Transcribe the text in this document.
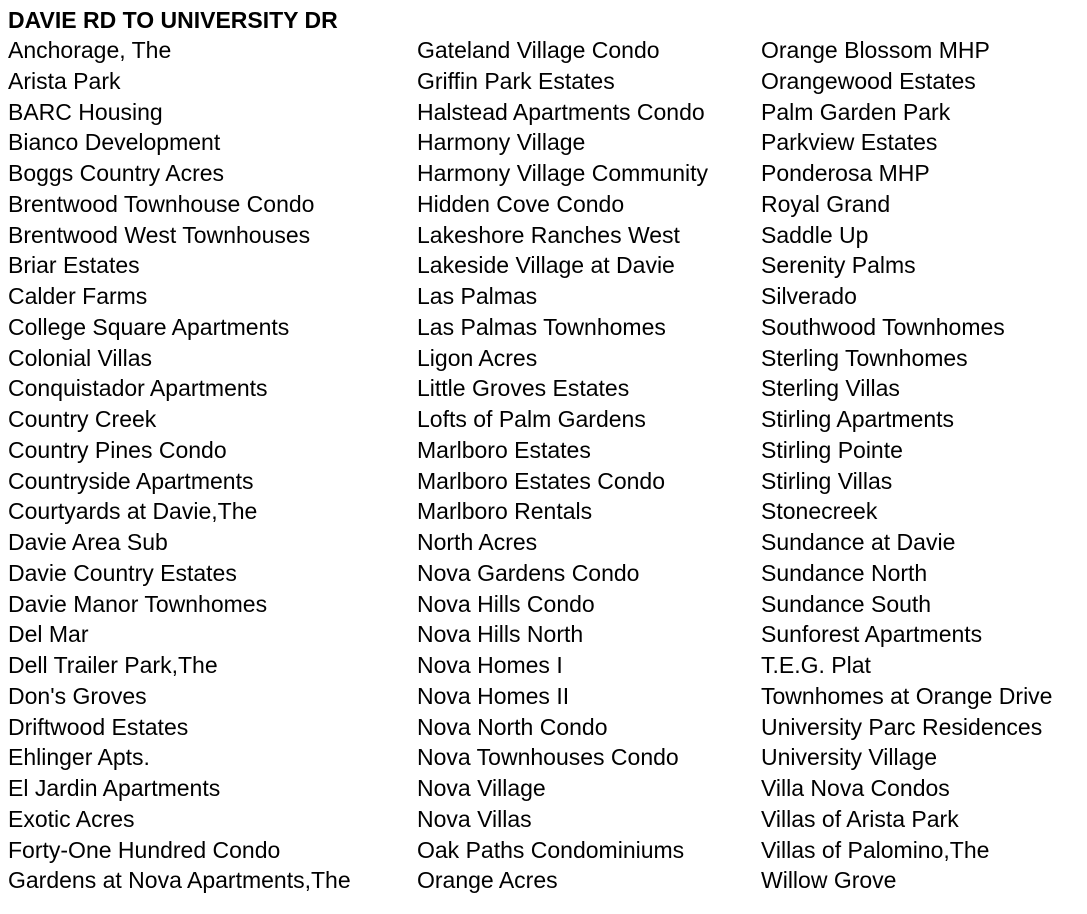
DAVIE RD TO UNIVERSITY DR
Anchorage, The
Arista Park
BARC Housing
Bianco Development
Boggs Country Acres
Brentwood Townhouse Condo
Brentwood West Townhouses
Briar Estates
Calder Farms
College Square Apartments
Colonial Villas
Conquistador Apartments
Country Creek
Country Pines Condo
Countryside Apartments
Courtyards at Davie,The
Davie Area Sub
Davie Country Estates
Davie Manor Townhomes
Del Mar
Dell Trailer Park,The
Don's Groves
Driftwood Estates
Ehlinger Apts.
El Jardin Apartments
Exotic Acres
Forty-One Hundred Condo
Gardens at Nova Apartments,The
Gateland Village Condo
Griffin Park Estates
Halstead Apartments Condo
Harmony Village
Harmony Village Community
Hidden Cove Condo
Lakeshore Ranches West
Lakeside Village at Davie
Las Palmas
Las Palmas Townhomes
Ligon Acres
Little Groves Estates
Lofts of Palm Gardens
Marlboro Estates
Marlboro Estates Condo
Marlboro Rentals
North Acres
Nova Gardens Condo
Nova Hills Condo
Nova Hills North
Nova Homes I
Nova Homes II
Nova North Condo
Nova Townhouses Condo
Nova Village
Nova Villas
Oak Paths Condominiums
Orange Acres
Orange Blossom MHP
Orangewood Estates
Palm Garden Park
Parkview Estates
Ponderosa MHP
Royal Grand
Saddle Up
Serenity Palms
Silverado
Southwood Townhomes
Sterling Townhomes
Sterling Villas
Stirling Apartments
Stirling Pointe
Stirling Villas
Stonecreek
Sundance at Davie
Sundance North
Sundance South
Sunforest Apartments
T.E.G. Plat
Townhomes at Orange Drive
University Parc Residences
University Village
Villa Nova Condos
Villas of Arista Park
Villas of Palomino,The
Willow Grove
